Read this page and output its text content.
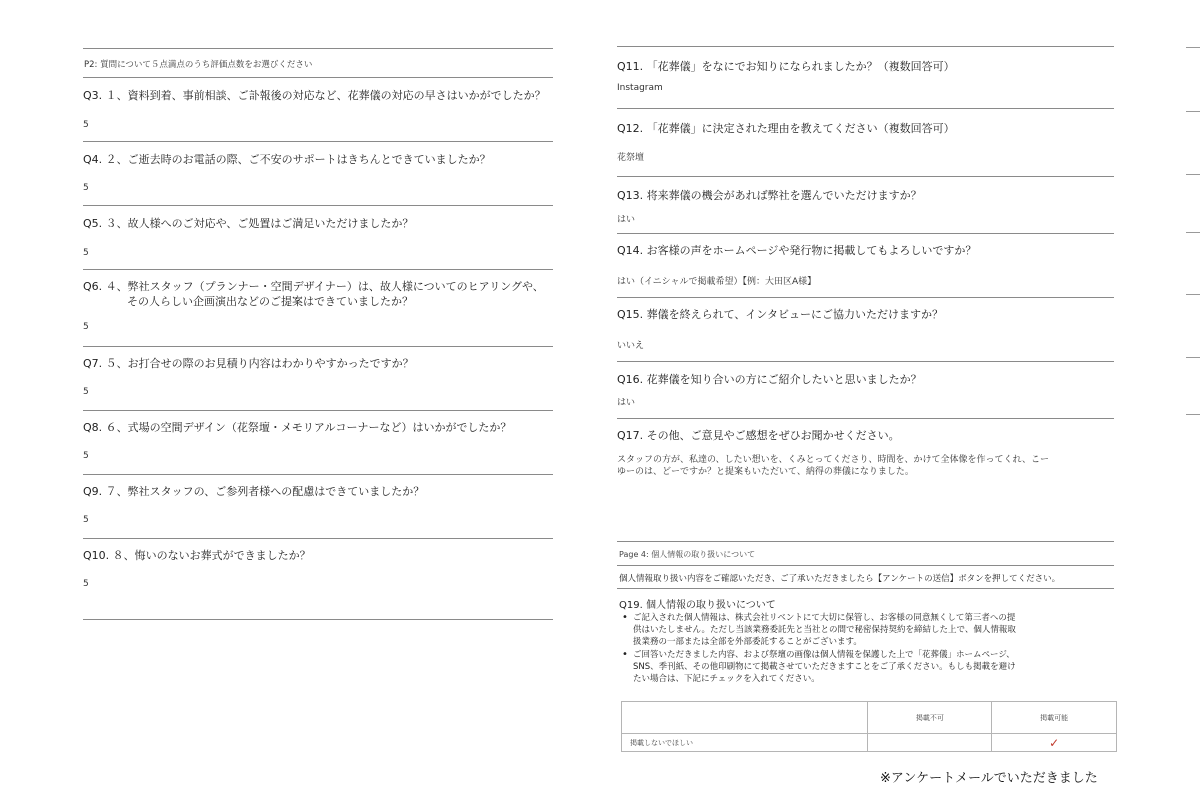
P2: 質問について５点満点のうち評価点数をお選びください
Q3. １、資料到着、事前相談、ご訃報後の対応など、花葬儀の対応の早さはいかがでしたか？
5
Q4. ２、ご逝去時のお電話の際、ご不安のサポートはきちんとできていましたか？
5
Q5. ３、故人様へのご対応や、ご処置はご満足いただけましたか？
5
Q6. ４、弊社スタッフ（プランナー・空間デザイナー）は、故人様についてのヒアリングや、
その人らしい企画演出などのご提案はできていましたか？
5
Q7. ５、お打合せの際のお見積り内容はわかりやすかったですか？
5
Q8. ６、式場の空間デザイン（花祭壇・メモリアルコーナーなど）はいかがでしたか？
5
Q9. ７、弊社スタッフの、ご参列者様への配慮はできていましたか？
5
Q10. ８、悔いのないお葬式ができましたか？
5
Q11. 「花葬儀」をなにでお知りになられましたか？（複数回答可）
Instagram
Q12. 「花葬儀」に決定された理由を教えてください（複数回答可）
花祭壇
Q13. 将来葬儀の機会があれば弊社を選んでいただけますか？
はい
Q14. お客様の声をホームページや発行物に掲載してもよろしいですか？
はい（イニシャルで掲載希望）【例：大田区A様】
Q15. 葬儀を終えられて、インタビューにご協力いただけますか？
いいえ
Q16. 花葬儀を知り合いの方にご紹介したいと思いましたか？
はい
Q17. その他、ご意見やご感想をぜひお聞かせください。
スタッフの方が、私達の、したい想いを、くみとってくださり、時間を、かけて全体像を作ってくれ、こー
ゆーのは、どーですか？と提案もいただいて、納得の葬儀になりました。
Page 4: 個人情報の取り扱いについて
個人情報取り扱い内容をご確認いただき、ご了承いただきましたら【アンケートの送信】ボタンを押してください。
Q19. 個人情報の取り扱いについて
• ご記入された個人情報は、株式会社リベントにて大切に保管し、お客様の同意無くして第三者への提
供はいたしません。ただし当該業務委託先と当社との間で秘密保持契約を締結した上で、個人情報取
扱業務の一部または全部を外部委託することがございます。
• ご回答いただきました内容、および祭壇の画像は個人情報を保護した上で「花葬儀」ホームページ、
SNS、季刊紙、その他印刷物にて掲載させていただきますことをご了承ください。もしも掲載を避け
たい場合は、下記にチェックを入れてください。
	掲載不可	掲載可能
掲載しないでほしい		✓
※アンケートメールでいただきました
